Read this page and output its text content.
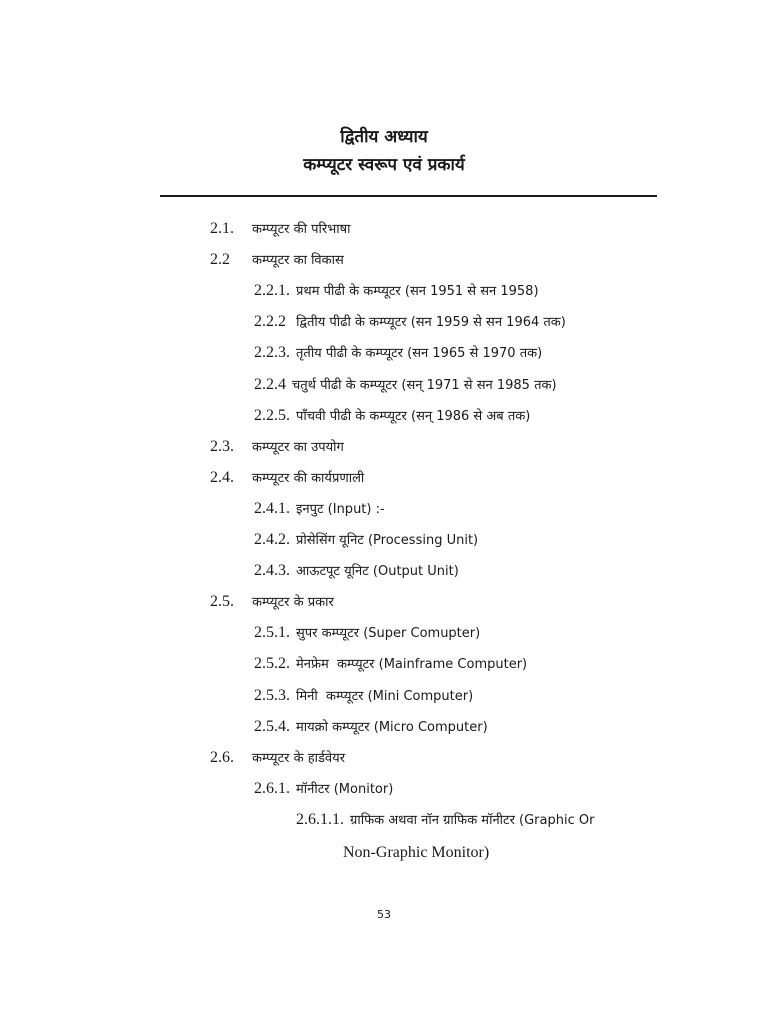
द्वितीय अध्याय
कम्प्यूटर स्वरूप एवं प्रकार्य
2.1. कम्प्यूटर की परिभाषा
2.2 कम्प्यूटर का विकास
2.2.1. प्रथम पीढी के कम्प्यूटर (सन 1951 से सन 1958)
2.2.2 द्वितीय पीढी के कम्प्यूटर (सन 1959 से सन 1964 तक)
2.2.3. तृतीय पीढी के कम्प्यूटर (सन 1965 से 1970 तक)
2.2.4 चतुर्थ पीढी के कम्प्यूटर (सन् 1971 से सन 1985 तक)
2.2.5. पाँचवी पीढी के कम्प्यूटर (सन् 1986 से अब तक)
2.3. कम्प्यूटर का उपयोग
2.4. कम्प्यूटर की कार्यप्रणाली
2.4.1. इनपुट (Input) :-
2.4.2. प्रोसेसिंग यूनिट (Processing Unit)
2.4.3. आऊटपूट यूनिट (Output Unit)
2.5. कम्प्यूटर के प्रकार
2.5.1. सुपर कम्प्यूटर (Super Comupter)
2.5.2. मेनफ्रेम  कम्प्यूटर (Mainframe Computer)
2.5.3. मिनी  कम्प्यूटर (Mini Computer)
2.5.4. मायक्रो कम्प्यूटर (Micro Computer)
2.6. कम्प्यूटर के हार्डवेयर
2.6.1. मॉनीटर (Monitor)
2.6.1.1. ग्राफिक अथवा नॉन ग्राफिक मॉनीटर (Graphic Or
Non-Graphic Monitor)
53
